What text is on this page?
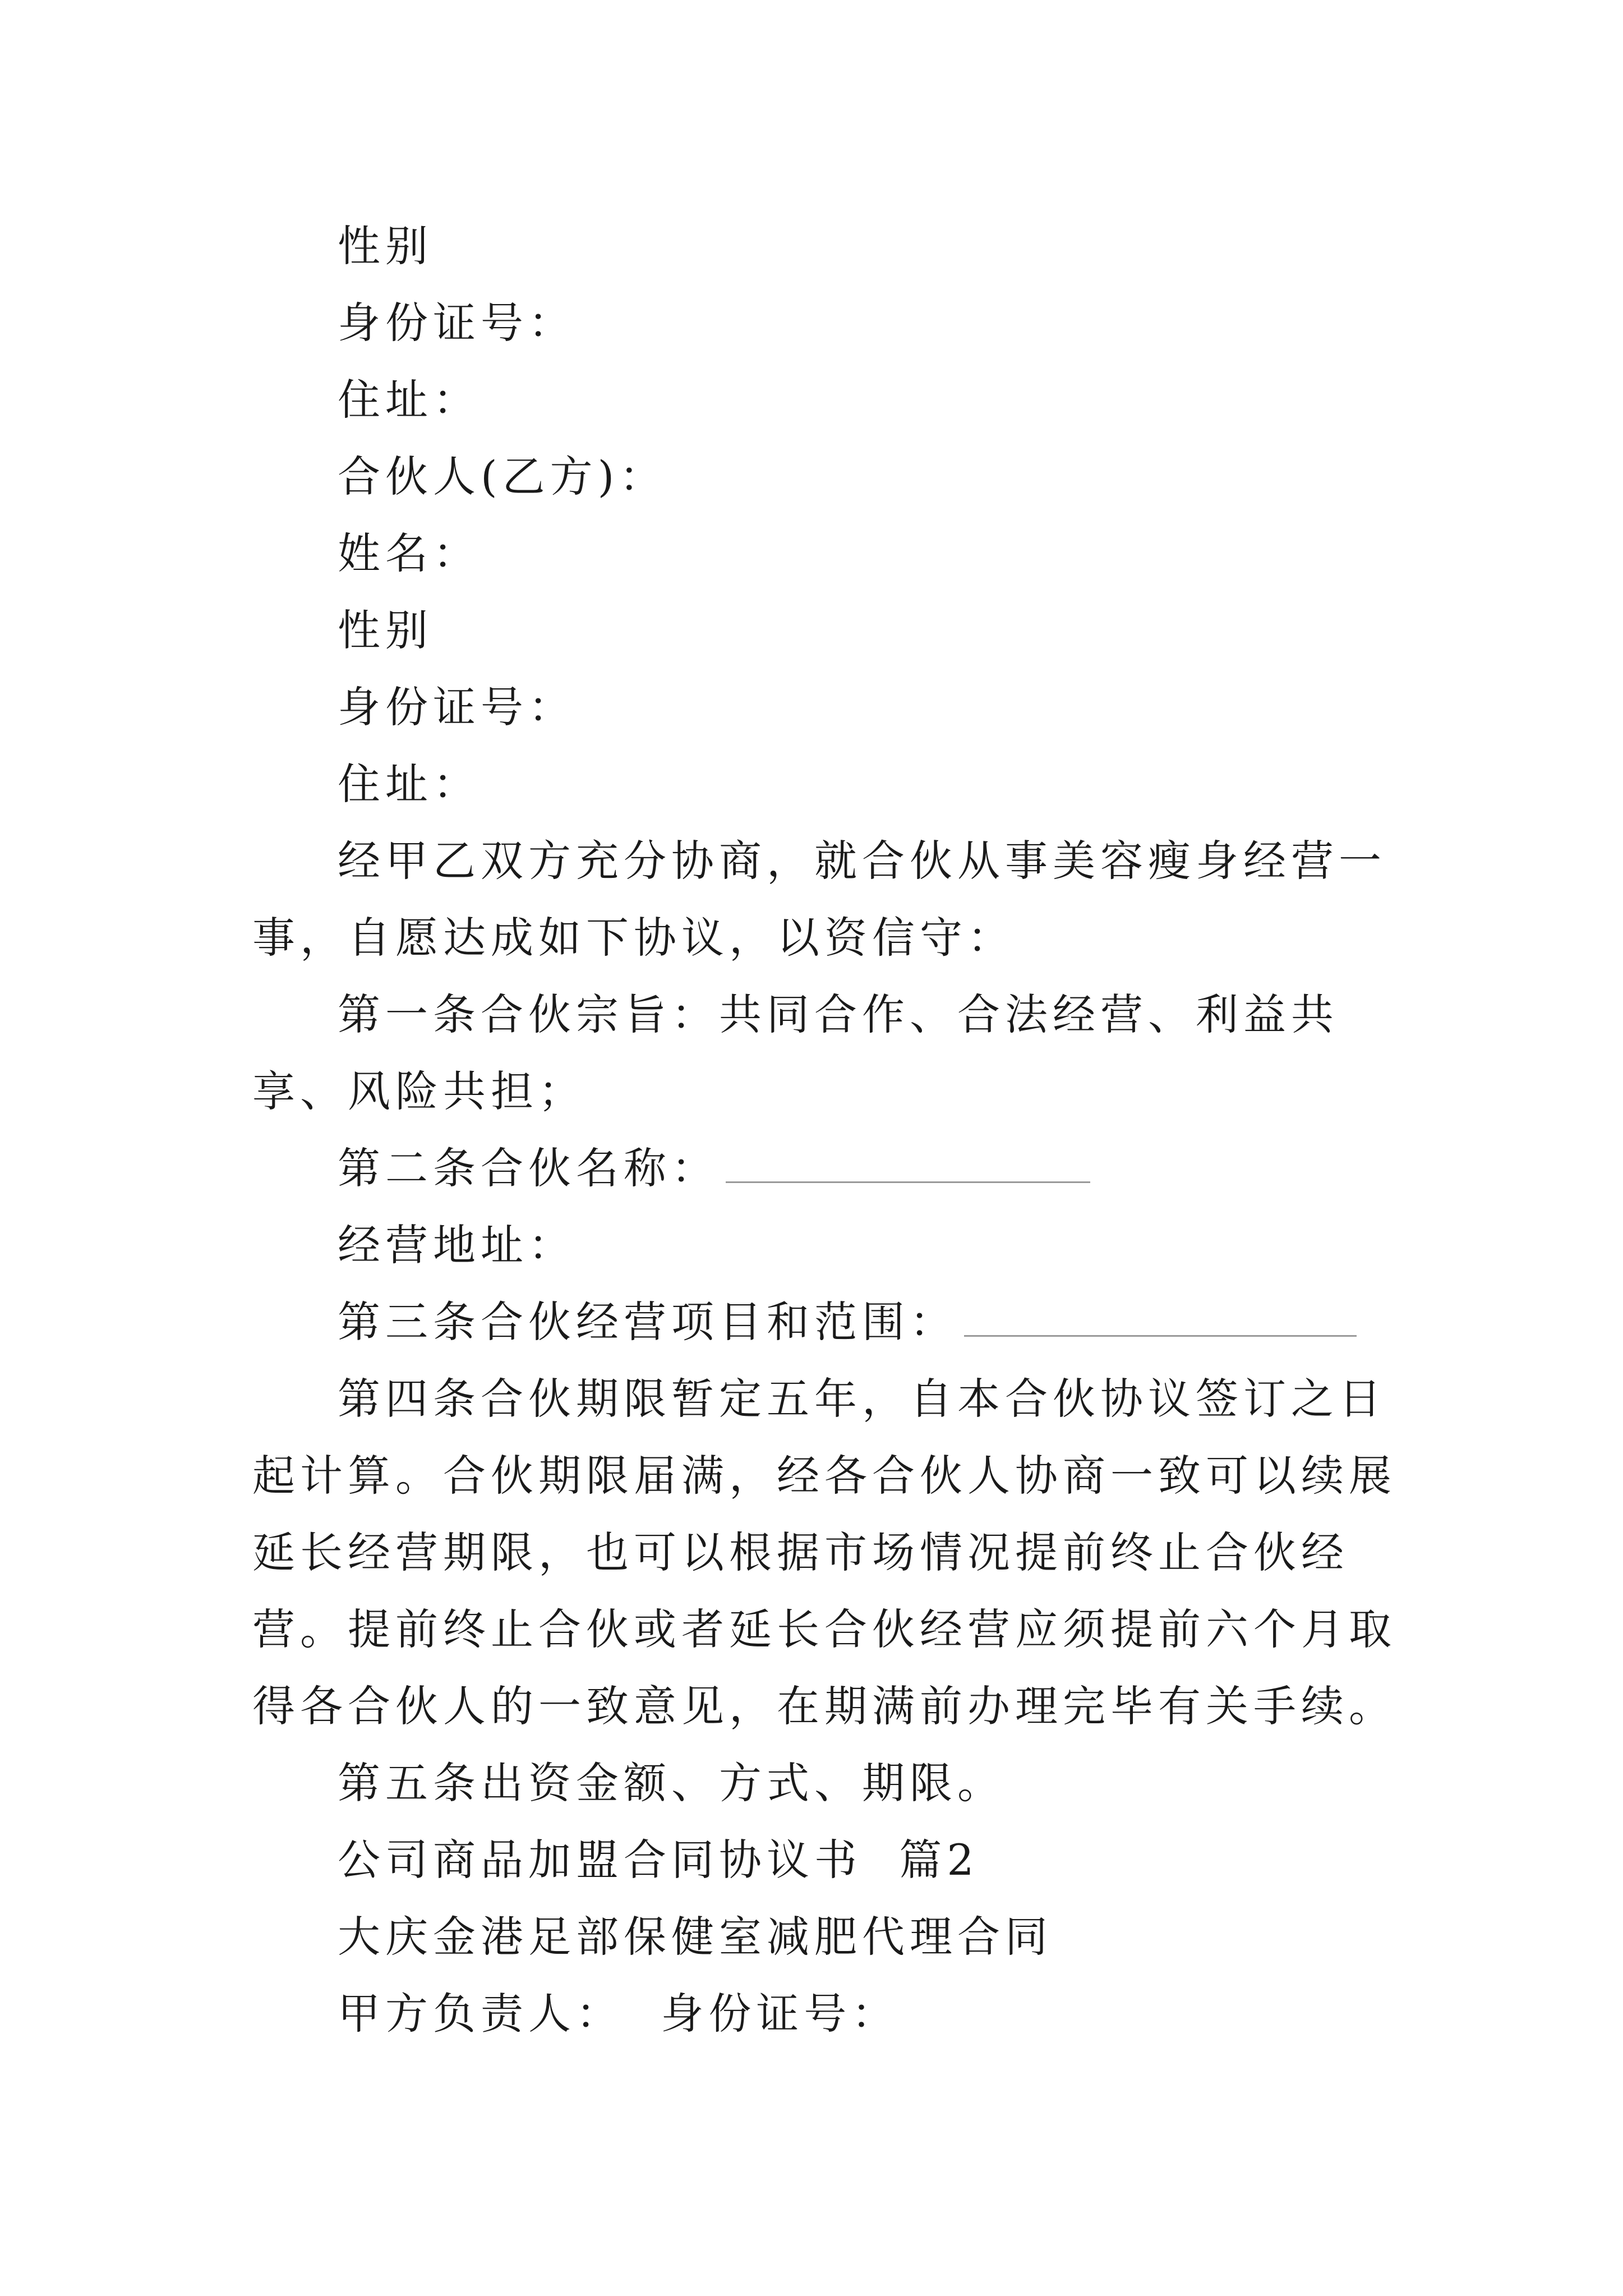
性别

身份证号：

住址：

合伙人(乙方)：

姓名：

性别

身份证号：

住址：

经甲乙双方充分协商，就合伙从事美容瘦身经营一事，自愿达成如下协议，以资信守：

第一条合伙宗旨：共同合作、合法经营、利益共享、风险共担；

第二条合伙名称：

经营地址：

第三条合伙经营项目和范围：

第四条合伙期限暂定五年，自本合伙协议签订之日起计算。合伙期限届满，经各合伙人协商一致可以续展延长经营期限，也可以根据市场情况提前终止合伙经营。提前终止合伙或者延长合伙经营应须提前六个月取得各合伙人的一致意见，在期满前办理完毕有关手续。

第五条出资金额、方式、期限。

公司商品加盟合同协议书  篇2

大庆金港足部保健室减肥代理合同

甲方负责人：  身份证号：
